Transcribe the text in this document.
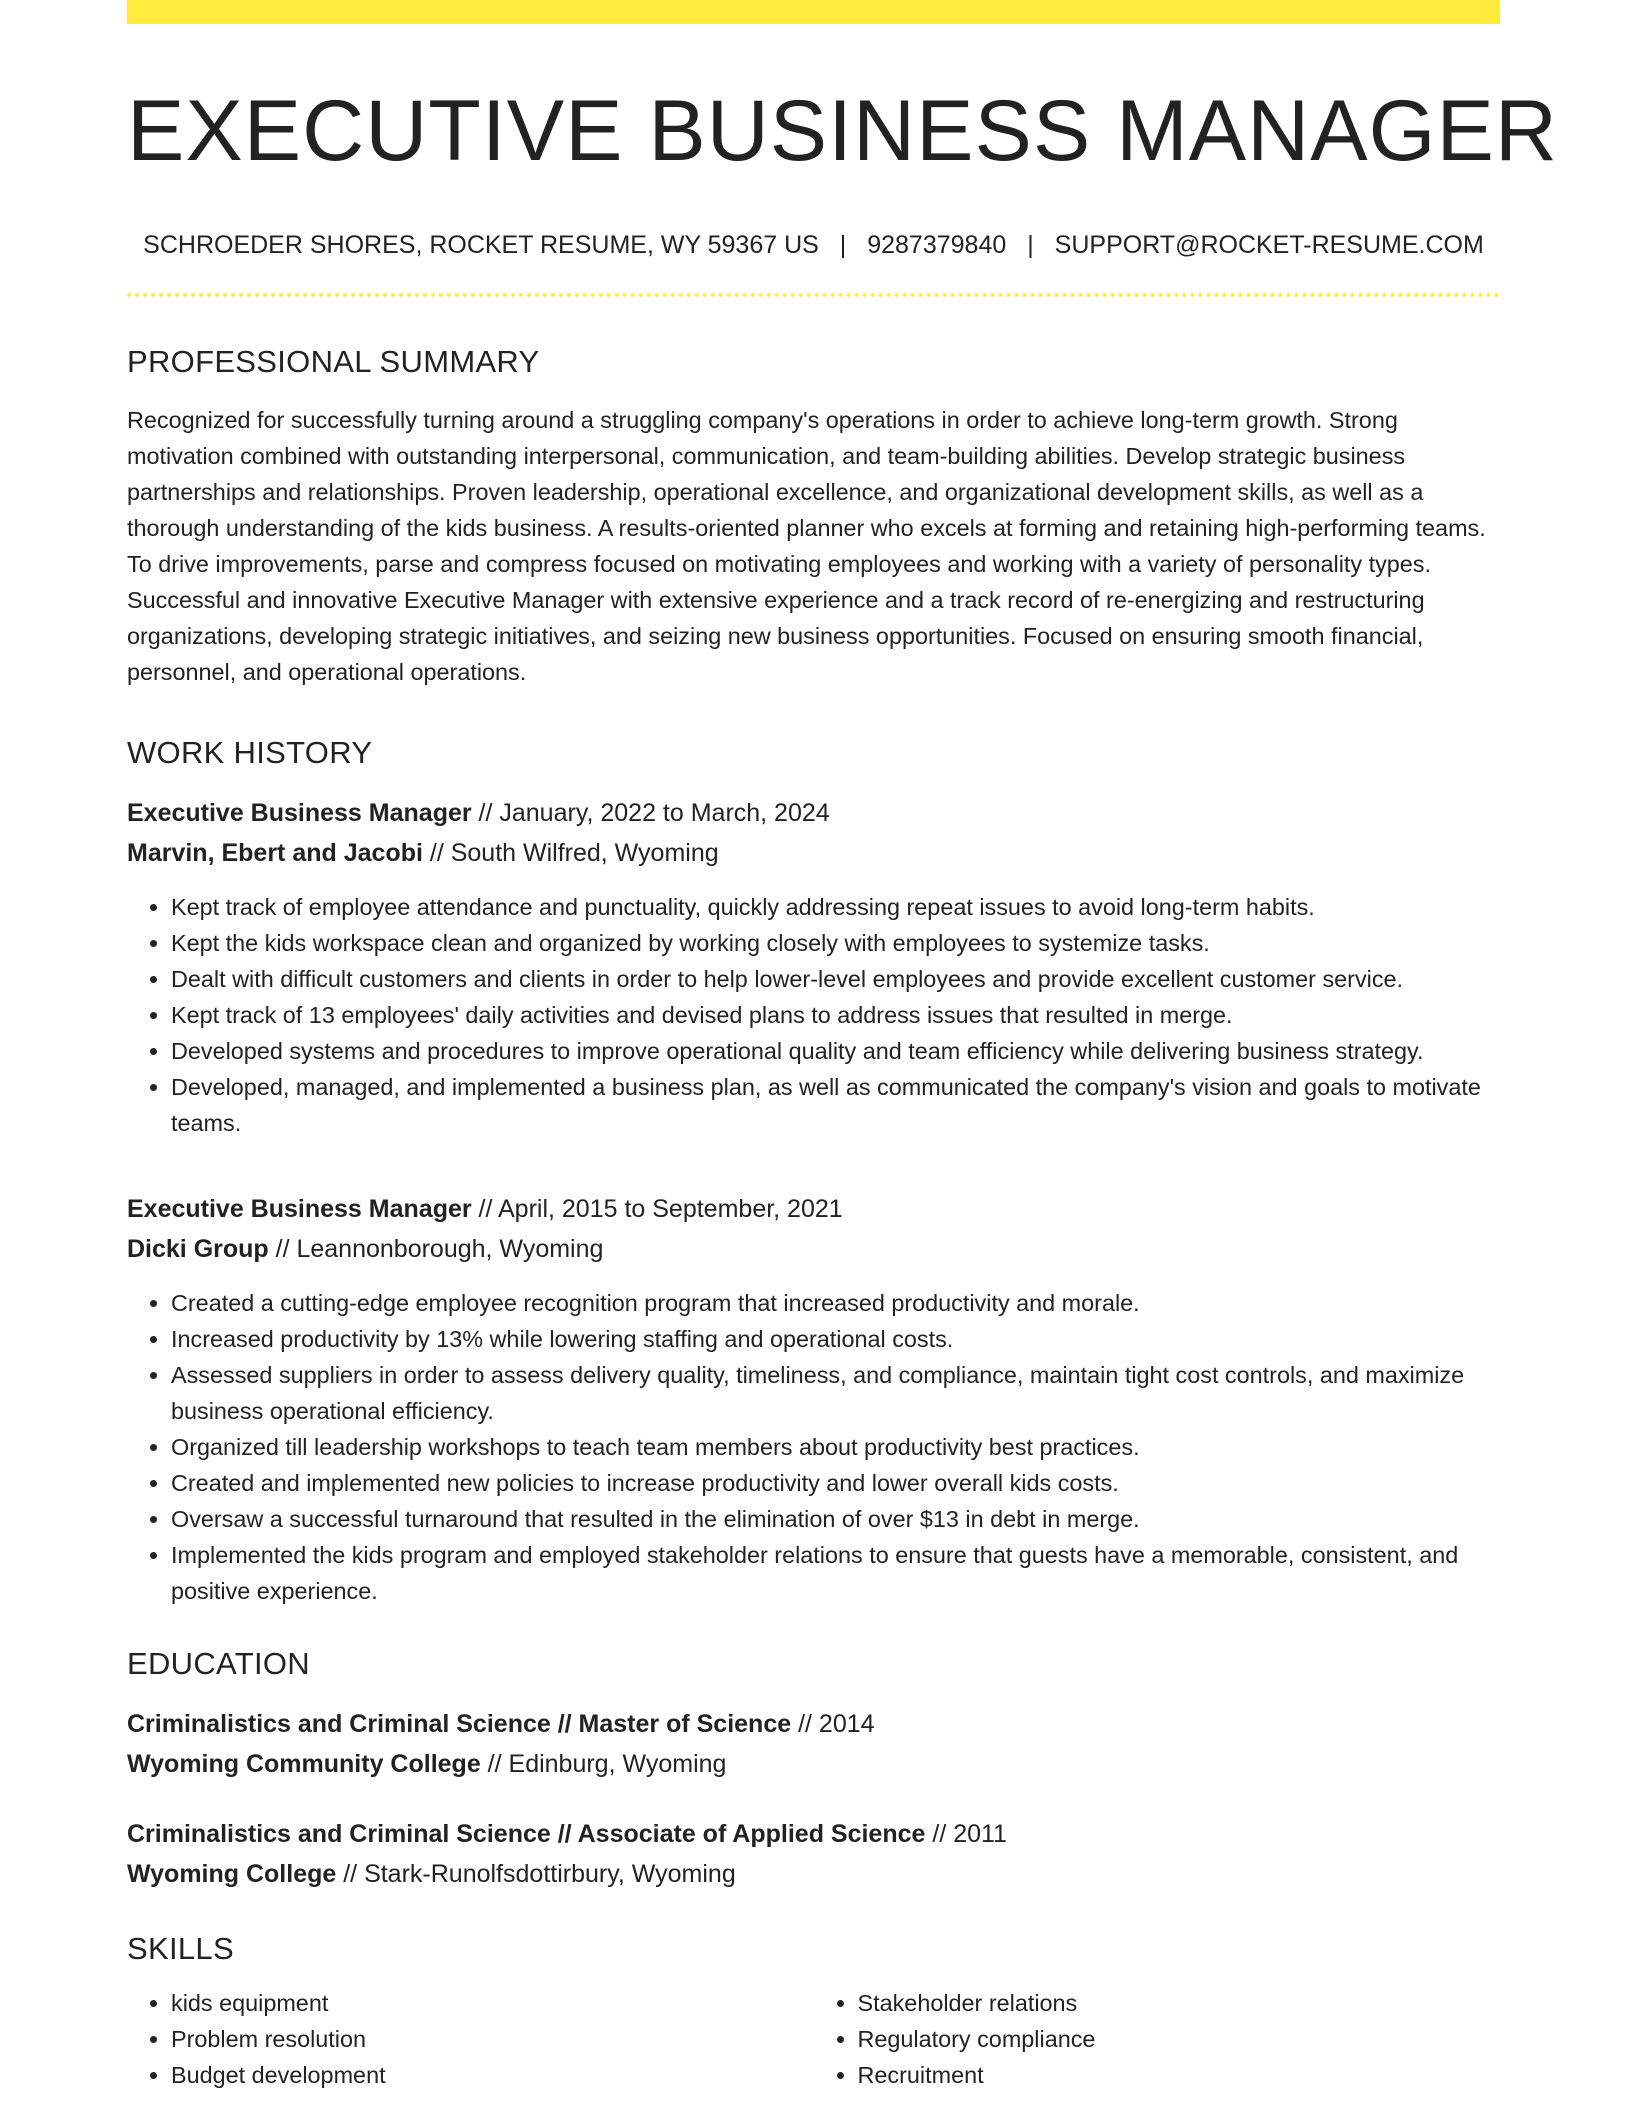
EXECUTIVE BUSINESS MANAGER
SCHROEDER SHORES, ROCKET RESUME, WY 59367 US | 9287379840 | SUPPORT@ROCKET-RESUME.COM
PROFESSIONAL SUMMARY

Recognized for successfully turning around a struggling company's operations in order to achieve long-term growth. Strong motivation combined with outstanding interpersonal, communication, and team-building abilities. Develop strategic business partnerships and relationships. Proven leadership, operational excellence, and organizational development skills, as well as a thorough understanding of the kids business. A results-oriented planner who excels at forming and retaining high-performing teams. To drive improvements, parse and compress focused on motivating employees and working with a variety of personality types. Successful and innovative Executive Manager with extensive experience and a track record of re-energizing and restructuring organizations, developing strategic initiatives, and seizing new business opportunities. Focused on ensuring smooth financial, personnel, and operational operations.

WORK HISTORY

Executive Business Manager // January, 2022 to March, 2024

Marvin, Ebert and Jacobi // South Wilfred, Wyoming

• Kept track of employee attendance and punctuality, quickly addressing repeat issues to avoid long-term habits.
• Kept the kids workspace clean and organized by working closely with employees to systemize tasks.
• Dealt with difficult customers and clients in order to help lower-level employees and provide excellent customer service.
• Kept track of 13 employees' daily activities and devised plans to address issues that resulted in merge.
• Developed systems and procedures to improve operational quality and team efficiency while delivering business strategy.
• Developed, managed, and implemented a business plan, as well as communicated the company's vision and goals to motivate teams.

Executive Business Manager // April, 2015 to September, 2021

Dicki Group // Leannonborough, Wyoming

• Created a cutting-edge employee recognition program that increased productivity and morale.
• Increased productivity by 13% while lowering staffing and operational costs.
• Assessed suppliers in order to assess delivery quality, timeliness, and compliance, maintain tight cost controls, and maximize business operational efficiency.
• Organized till leadership workshops to teach team members about productivity best practices.
• Created and implemented new policies to increase productivity and lower overall kids costs.
• Oversaw a successful turnaround that resulted in the elimination of over $13 in debt in merge.
• Implemented the kids program and employed stakeholder relations to ensure that guests have a memorable, consistent, and positive experience.
EDUCATION

Criminalistics and Criminal Science // Master of Science // 2014

Wyoming Community College // Edinburg, Wyoming

Criminalistics and Criminal Science // Associate of Applied Science // 2011

Wyoming College // Stark-Runolfsdottirbury, Wyoming

SKILLS
• kids equipment
• Problem resolution
• Budget development
• Stakeholder relations
• Regulatory compliance
• Recruitment
